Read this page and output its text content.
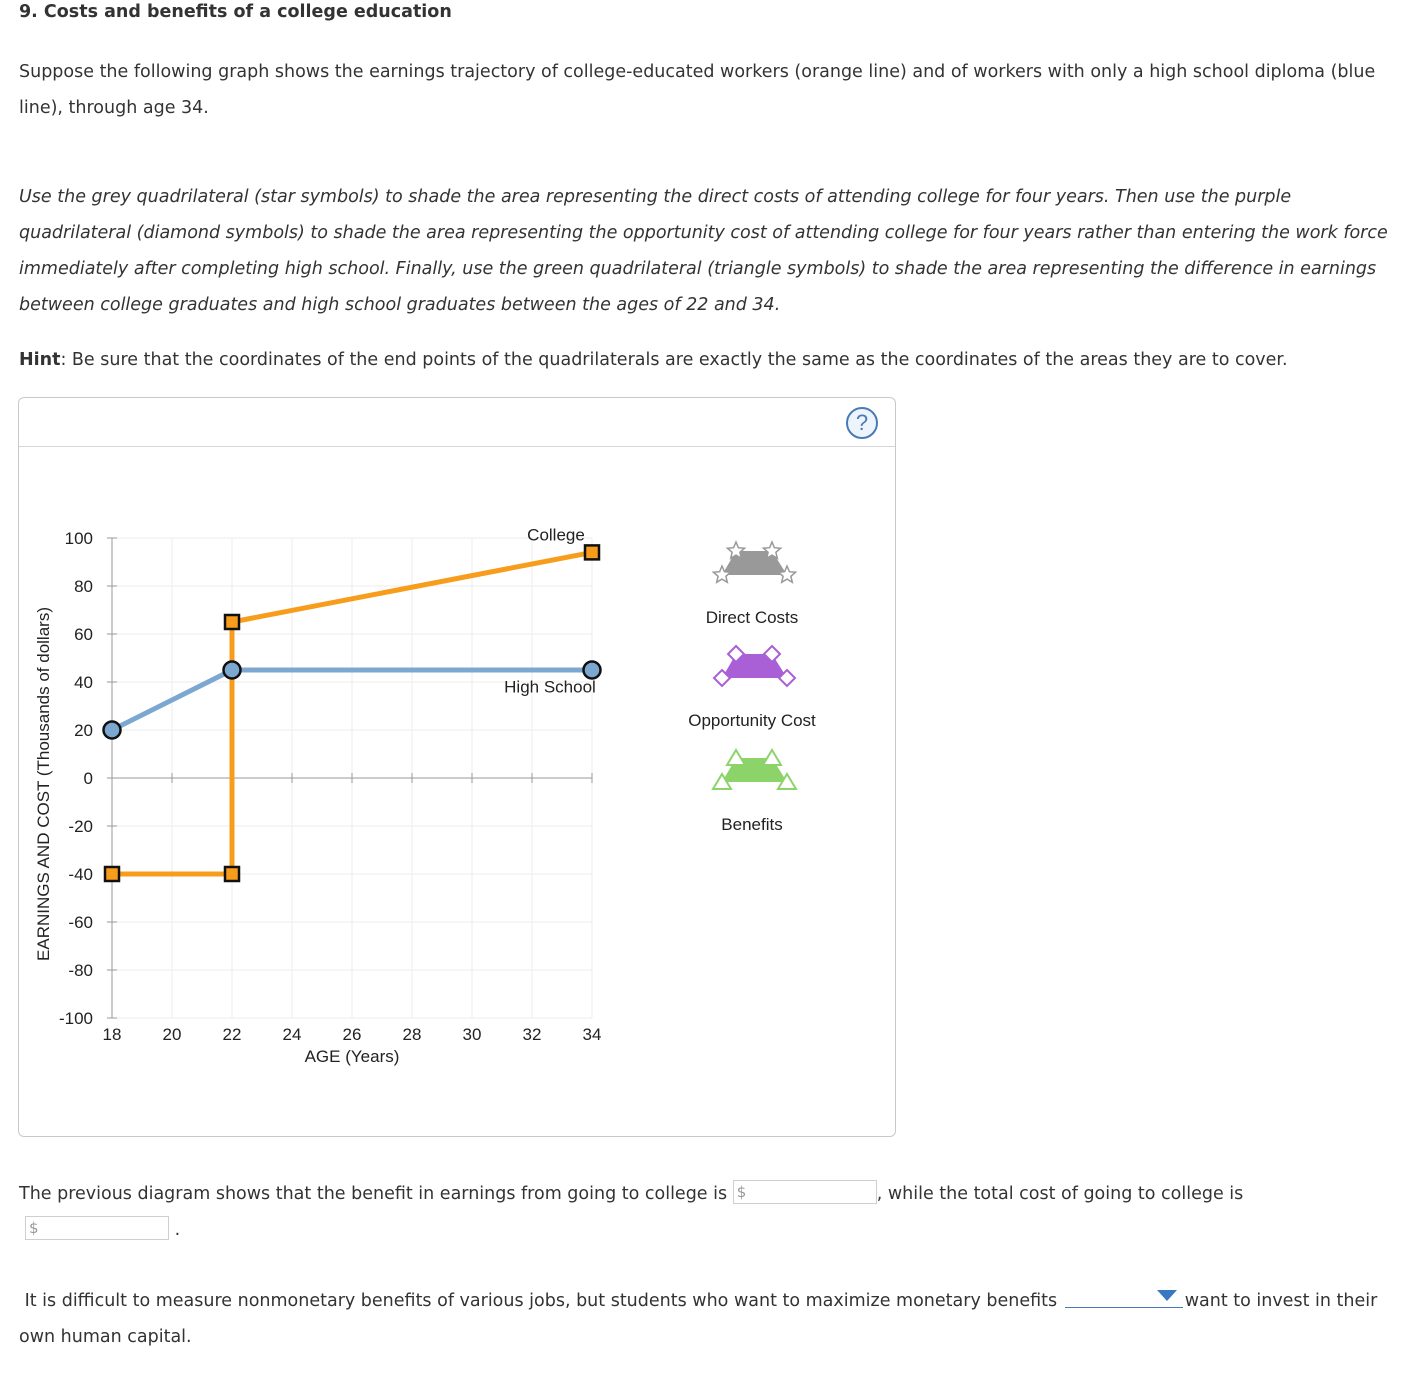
9. Costs and benefits of a college education
Suppose the following graph shows the earnings trajectory of college-educated workers (orange line) and of workers with only a high school diploma (blue line), through age 34.
Use the grey quadrilateral (star symbols) to shade the area representing the direct costs of attending college for four years. Then use the purple quadrilateral (diamond symbols) to shade the area representing the opportunity cost of attending college for four years rather than entering the work force immediately after completing high school. Finally, use the green quadrilateral (triangle symbols) to shade the area representing the difference in earnings between college graduates and high school graduates between the ages of 22 and 34.
Hint: Be sure that the coordinates of the end points of the quadrilaterals are exactly the same as the coordinates of the areas they are to cover.
?
100
80
60
40
20
0
-20
-40
-60
-80
-100
18 20 22 24 26 28 30 32 34
AGE (Years)
EARNINGS AND COST (Thousands of dollars)
College
High School
Direct Costs
Opportunity Cost
Benefits
The previous diagram shows that the benefit in earnings from going to college is $	, while the total cost of going to college is
$	.
It is difficult to measure nonmonetary benefits of various jobs, but students who want to maximize monetary benefits	want to invest in their own human capital.
